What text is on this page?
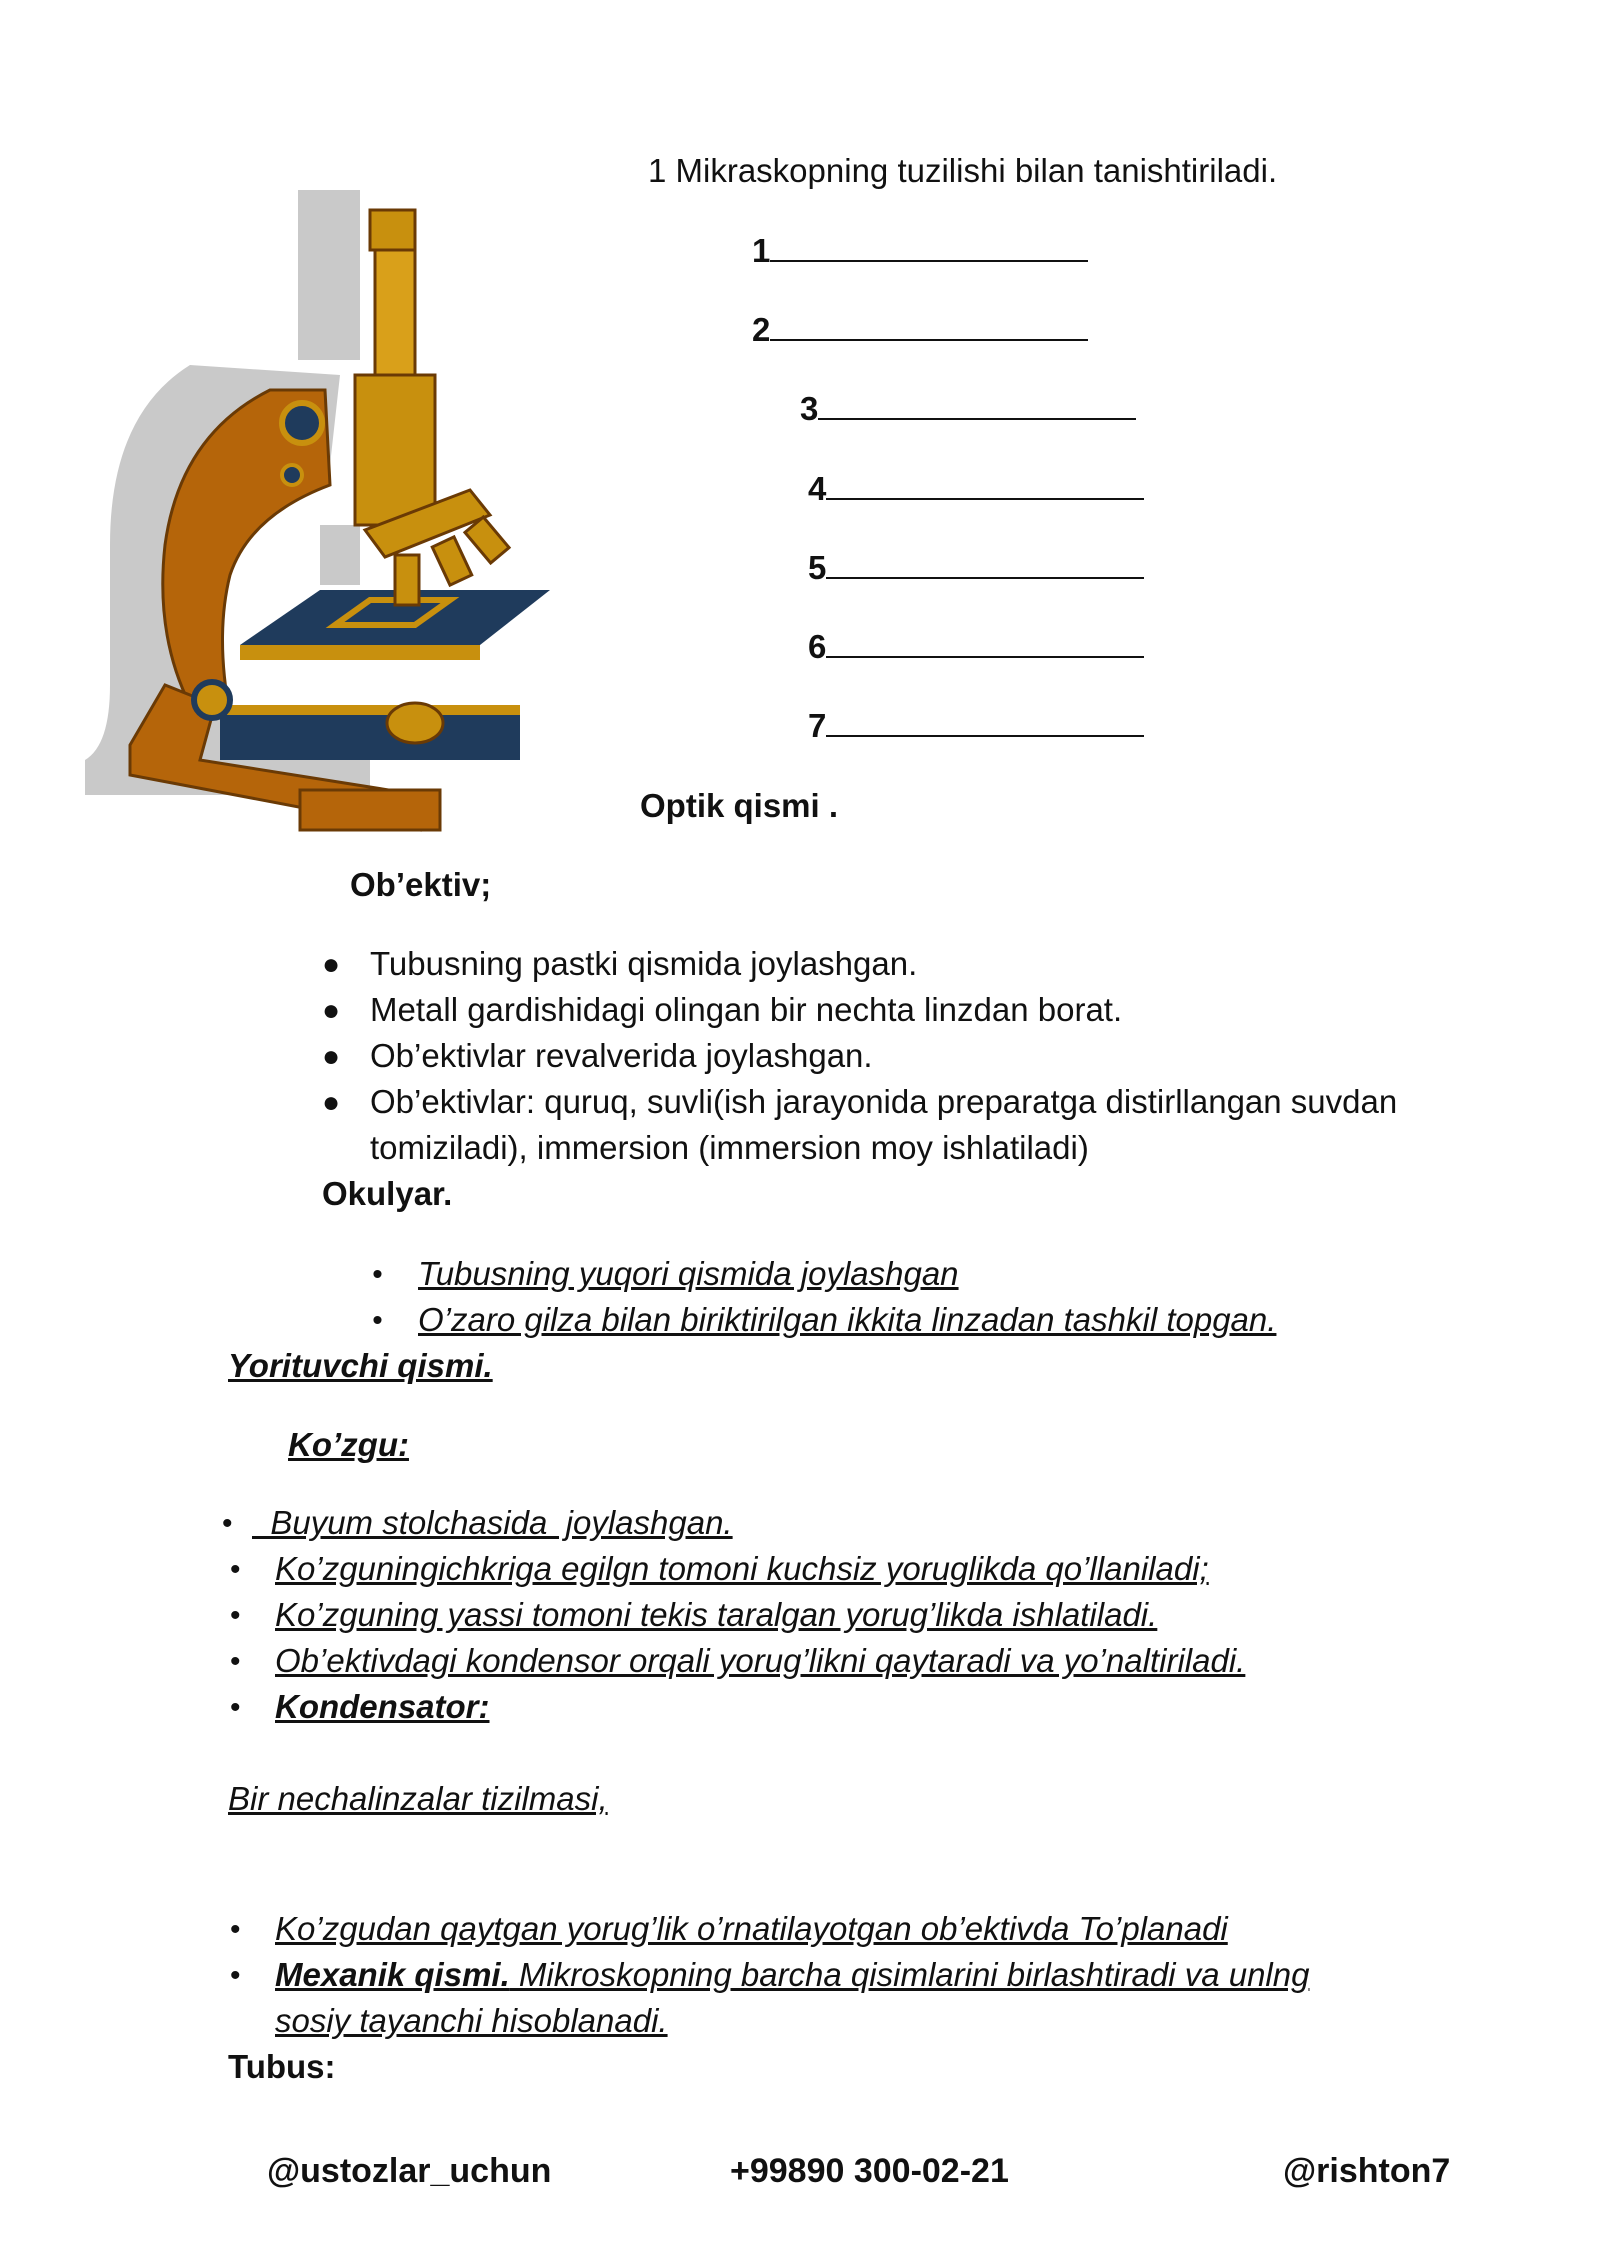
1 Mikraskopning tuzilishi bilan tanishtiriladi.
1
2
3
4
5
6
7
Optik qismi .
Ob’ektiv;
● Tubusning pastki qismida joylashgan.
● Metall gardishidagi olingan bir nechta linzdan borat.
● Ob’ektivlar revalverida joylashgan.
● Ob’ektivlar: quruq, suvli(ish jarayonida preparatga distirllangan suvdan
tomiziladi), immersion (immersion moy ishlatiladi)
Okulyar.
• Tubusning yuqori qismida joylashgan
• O’zaro gilza bilan biriktirilgan ikkita linzadan tashkil topgan.
Yorituvchi qismi.
Ko’zgu:
• Buyum stolchasida  joylashgan.
• Ko’zguningichkriga egilgn tomoni kuchsiz yoruglikda qo’llaniladi;
• Ko’zguning yassi tomoni tekis taralgan yorug’likda ishlatiladi.
• Ob’ektivdagi kondensor orqali yorug’likni qaytaradi va yo’naltiriladi.
• Kondensator:
Bir nechalinzalar tizilmasi,
• Ko’zgudan qaytgan yorug’lik o’rnatilayotgan ob’ektivda To’planadi
• Mexanik qismi. Mikroskopning barcha qisimlarini birlashtiradi va unlng
sosiy tayanchi hisoblanadi.
Tubus:
@ustozlar_uchun	+99890 300-02-21	@rishton7
